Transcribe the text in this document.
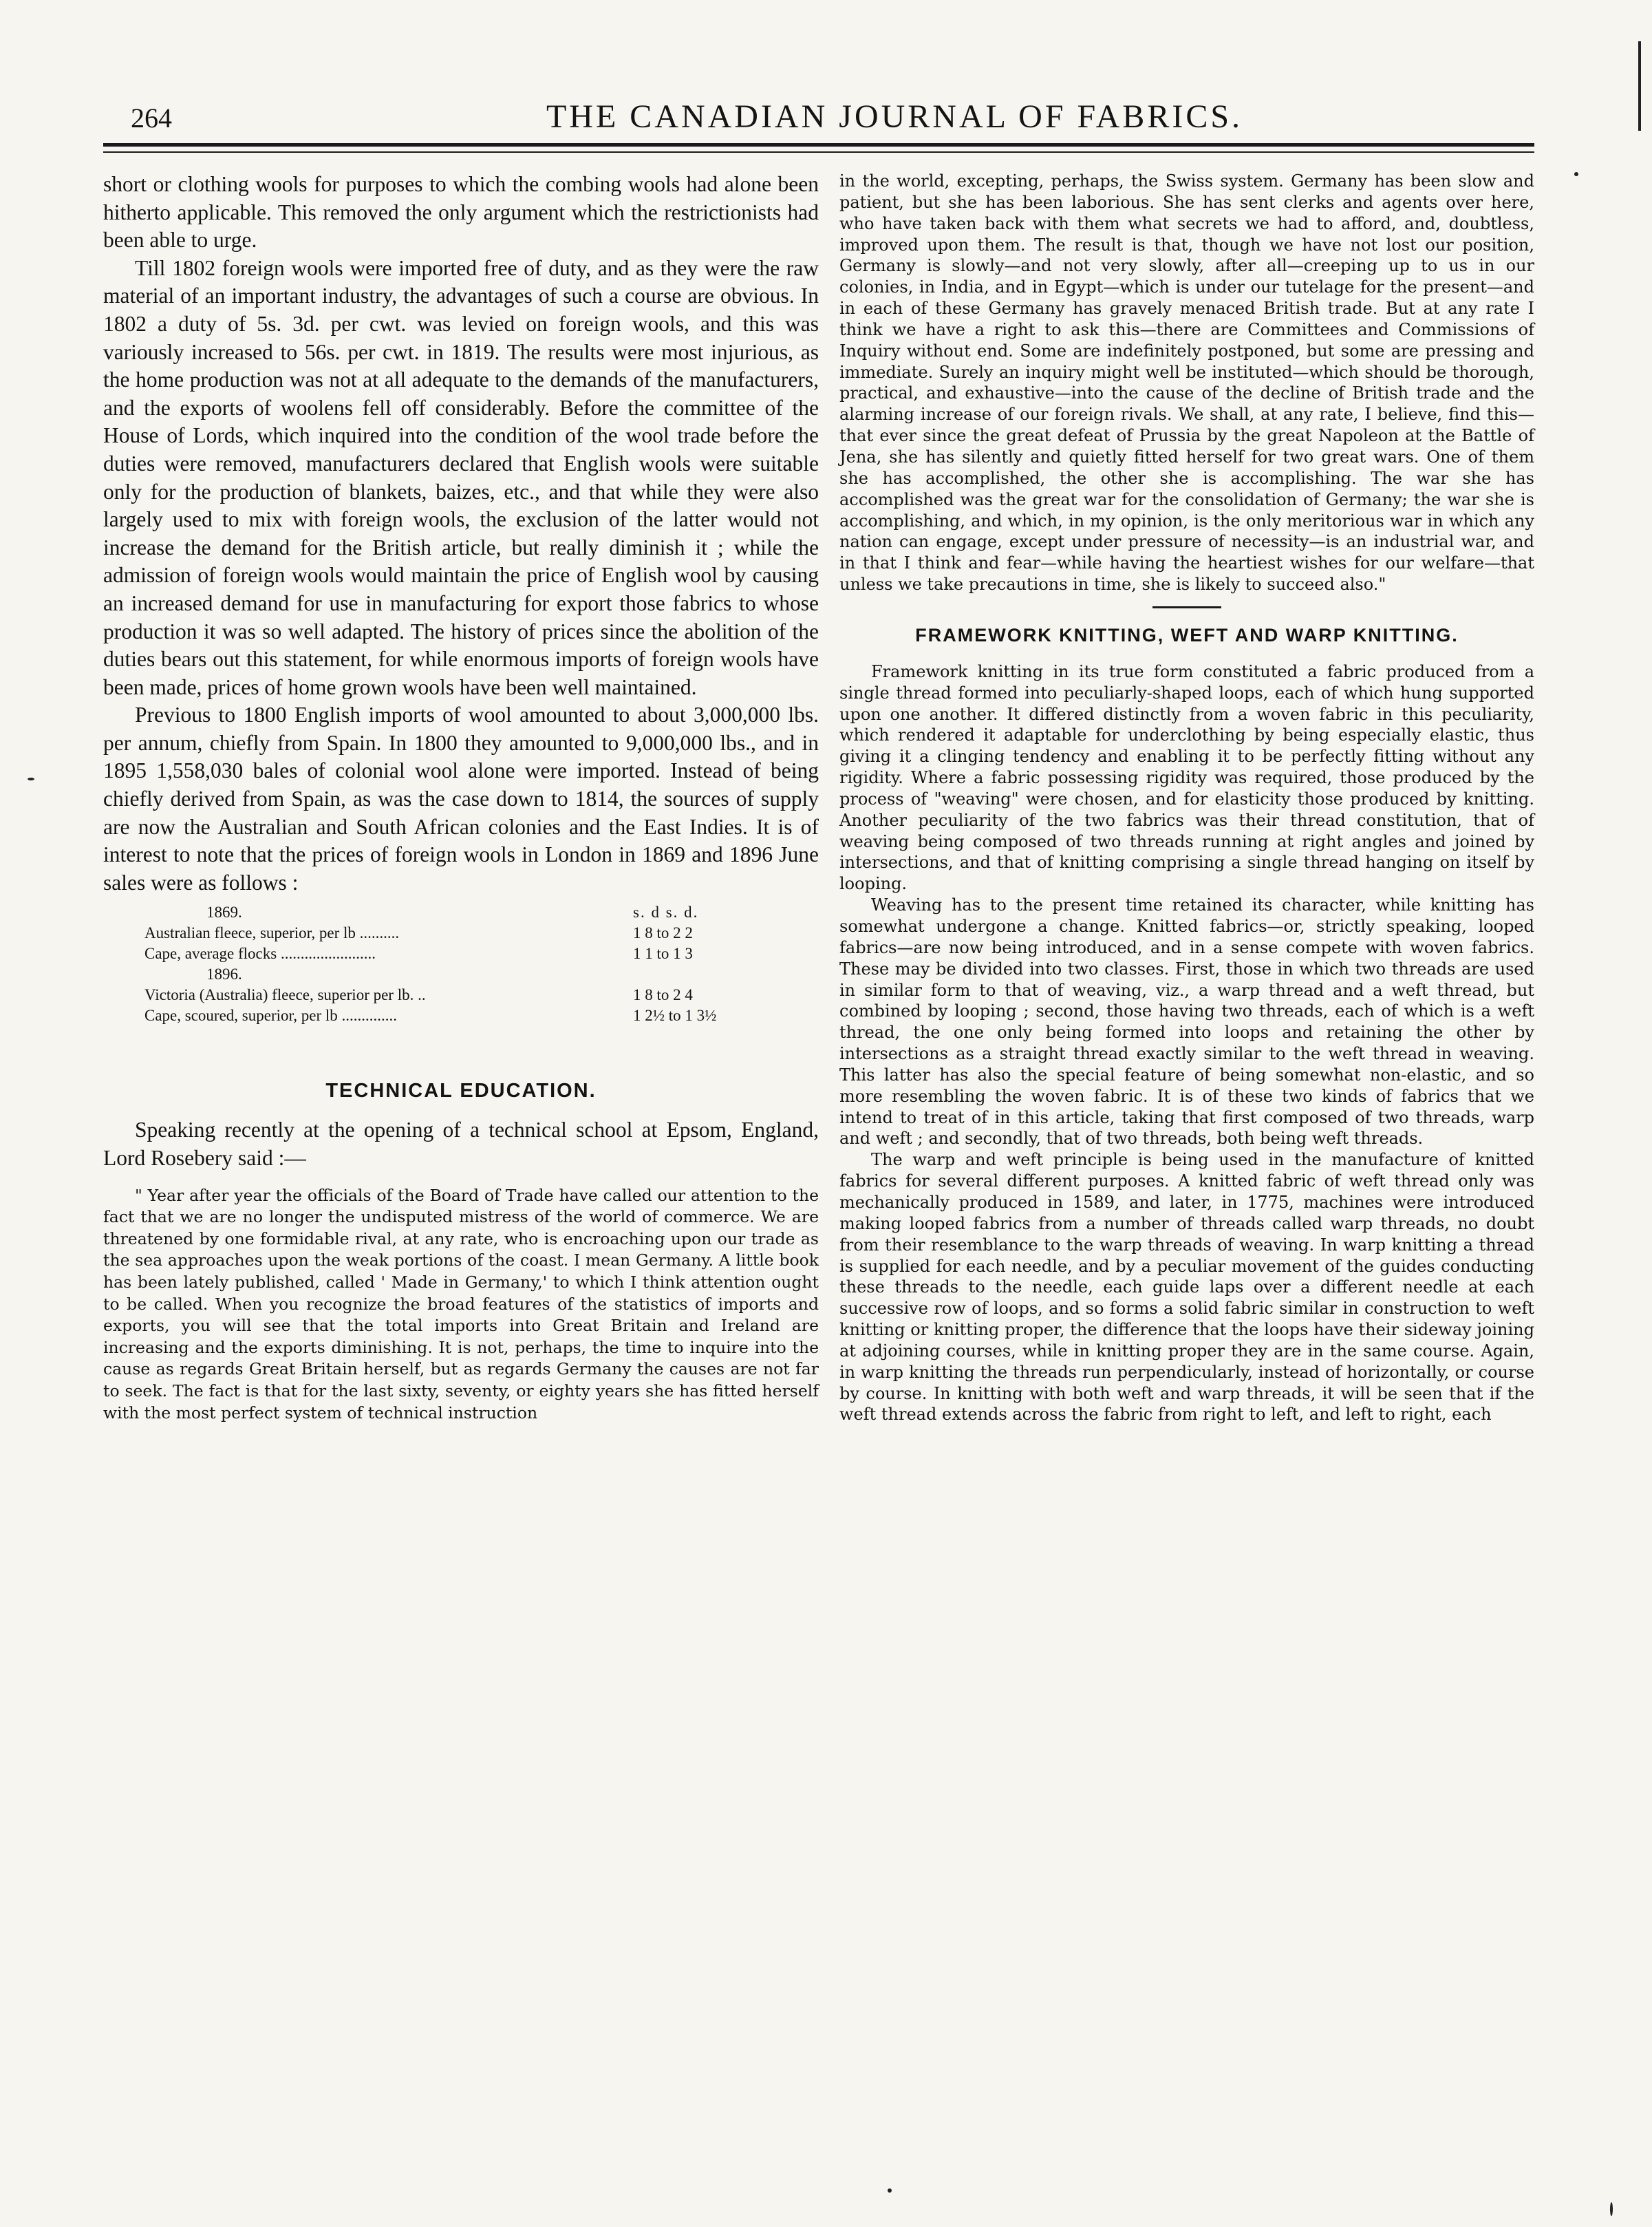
264	THE CANADIAN JOURNAL OF FABRICS.

short or clothing wools for purposes to which the combing wools had alone been hitherto applicable. This removed the only argument which the restrictionists had been able to urge.

Till 1802 foreign wools were imported free of duty, and as they were the raw material of an important industry, the advantages of such a course are obvious. In 1802 a duty of 5s. 3d. per cwt. was levied on foreign wools, and this was variously increased to 56s. per cwt. in 1819. The results were most injurious, as the home production was not at all adequate to the demands of the manufacturers, and the exports of woolens fell off considerably. Before the committee of the House of Lords, which inquired into the condition of the wool trade before the duties were removed, manufacturers declared that English wools were suitable only for the production of blankets, baizes, etc., and that while they were also largely used to mix with foreign wools, the exclusion of the latter would not increase the demand for the British article, but really diminish it ; while the admission of foreign wools would maintain the price of English wool by causing an increased demand for use in manufacturing for export those fabrics to whose production it was so well adapted. The history of prices since the abolition of the duties bears out this statement, for while enormous imports of foreign wools have been made, prices of home grown wools have been well maintained.

Previous to 1800 English imports of wool amounted to about 3,000,000 lbs. per annum, chiefly from Spain. In 1800 they amounted to 9,000,000 lbs., and in 1895 1,558,030 bales of colonial wool alone were imported. Instead of being chiefly derived from Spain, as was the case down to 1814, the sources of supply are now the Australian and South African colonies and the East Indies. It is of interest to note that the prices of foreign wools in London in 1869 and 1896 June sales were as follows :

1869.	s. d s. d.
Australian fleece, superior, per lb ..........	1 8 to 2 2
Cape, average flocks ........................	1 1 to 1 3
1896.
Victoria (Australia) fleece, superior per lb. ..	1 8 to 2 4
Cape, scoured, superior, per lb ..............	1 2½ to 1 3½
TECHNICAL EDUCATION.

Speaking recently at the opening of a technical school at Epsom, England, Lord Rosebery said :—

" Year after year the officials of the Board of Trade have called our attention to the fact that we are no longer the undisputed mistress of the world of commerce. We are threatened by one formidable rival, at any rate, who is encroaching upon our trade as the sea approaches upon the weak portions of the coast. I mean Germany. A little book has been lately published, called ' Made in Germany,' to which I think attention ought to be called. When you recognize the broad features of the statistics of imports and exports, you will see that the total imports into Great Britain and Ireland are increasing and the exports diminishing. It is not, perhaps, the time to inquire into the cause as regards Great Britain herself, but as regards Germany the causes are not far to seek. The fact is that for the last sixty, seventy, or eighty years she has fitted herself with the most perfect system of technical instruction

in the world, excepting, perhaps, the Swiss system. Germany has been slow and patient, but she has been laborious. She has sent clerks and agents over here, who have taken back with them what secrets we had to afford, and, doubtless, improved upon them. The result is that, though we have not lost our position, Germany is slowly—and not very slowly, after all—creeping up to us in our colonies, in India, and in Egypt—which is under our tutelage for the present—and in each of these Germany has gravely menaced British trade. But at any rate I think we have a right to ask this—there are Committees and Commissions of Inquiry without end. Some are indefinitely postponed, but some are pressing and immediate. Surely an inquiry might well be instituted—which should be thorough, practical, and exhaustive—into the cause of the decline of British trade and the alarming increase of our foreign rivals. We shall, at any rate, I believe, find this—that ever since the great defeat of Prussia by the great Napoleon at the Battle of Jena, she has silently and quietly fitted herself for two great wars. One of them she has accomplished, the other she is accomplishing. The war she has accomplished was the great war for the consolidation of Germany; the war she is accomplishing, and which, in my opinion, is the only meritorious war in which any nation can engage, except under pressure of necessity—is an industrial war, and in that I think and fear—while having the heartiest wishes for our welfare—that unless we take precautions in time, she is likely to succeed also."

FRAMEWORK KNITTING, WEFT AND WARP KNITTING.

Framework knitting in its true form constituted a fabric produced from a single thread formed into peculiarly-shaped loops, each of which hung supported upon one another. It differed distinctly from a woven fabric in this peculiarity, which rendered it adaptable for underclothing by being especially elastic, thus giving it a clinging tendency and enabling it to be perfectly fitting without any rigidity. Where a fabric possessing rigidity was required, those produced by the process of "weaving" were chosen, and for elasticity those produced by knitting. Another peculiarity of the two fabrics was their thread constitution, that of weaving being composed of two threads running at right angles and joined by intersections, and that of knitting comprising a single thread hanging on itself by looping.

Weaving has to the present time retained its character, while knitting has somewhat undergone a change. Knitted fabrics—or, strictly speaking, looped fabrics—are now being introduced, and in a sense compete with woven fabrics. These may be divided into two classes. First, those in which two threads are used in similar form to that of weaving, viz., a warp thread and a weft thread, but combined by looping ; second, those having two threads, each of which is a weft thread, the one only being formed into loops and retaining the other by intersections as a straight thread exactly similar to the weft thread in weaving. This latter has also the special feature of being somewhat non-elastic, and so more resembling the woven fabric. It is of these two kinds of fabrics that we intend to treat of in this article, taking that first composed of two threads, warp and weft ; and secondly, that of two threads, both being weft threads.

The warp and weft principle is being used in the manufacture of knitted fabrics for several different purposes. A knitted fabric of weft thread only was mechanically produced in 1589, and later, in 1775, machines were introduced making looped fabrics from a number of threads called warp threads, no doubt from their resemblance to the warp threads of weaving. In warp knitting a thread is supplied for each needle, and by a peculiar movement of the guides conducting these threads to the needle, each guide laps over a different needle at each successive row of loops, and so forms a solid fabric similar in construction to weft knitting or knitting proper, the difference that the loops have their sideway joining at adjoining courses, while in knitting proper they are in the same course. Again, in warp knitting the threads run perpendicularly, instead of horizontally, or course by course. In knitting with both weft and warp threads, it will be seen that if the weft thread extends across the fabric from right to left, and left to right, each
